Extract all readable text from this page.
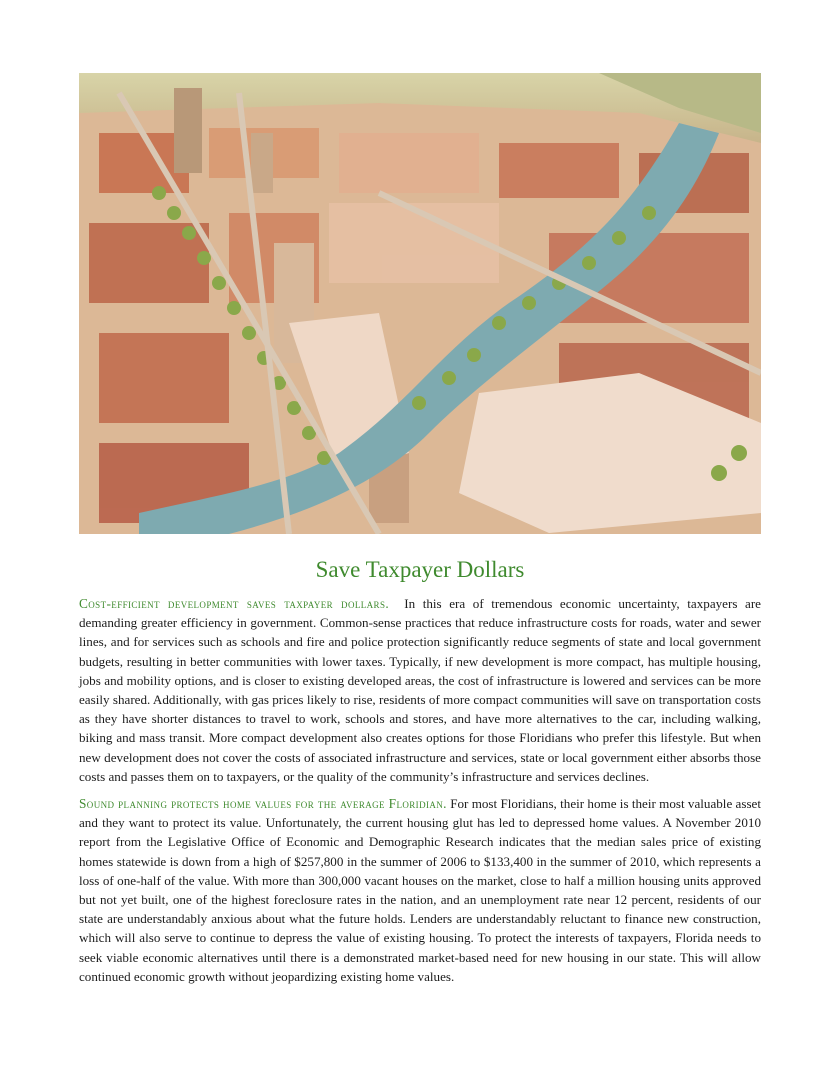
Save Taxpayer Dollars

Cost-efficient development saves taxpayer dollars. In this era of tremendous economic uncertainty, taxpayers are demanding greater efficiency in government. Common-sense practices that reduce infrastructure costs for roads, water and sewer lines, and for services such as schools and fire and police protection significantly reduce segments of state and local government budgets, resulting in better communities with lower taxes. Typically, if new development is more compact, has multiple housing, jobs and mobility options, and is closer to existing developed areas, the cost of infrastructure is lowered and services can be more easily shared. Additionally, with gas prices likely to rise, residents of more compact communities will save on transportation costs as they have shorter distances to travel to work, schools and stores, and have more alternatives to the car, including walking, biking and mass transit. More compact development also creates options for those Floridians who prefer this lifestyle. But when new development does not cover the costs of associated infrastructure and services, state or local government either absorbs those costs and passes them on to taxpayers, or the quality of the community’s infrastructure and services declines.

Sound planning protects home values for the average Floridian. For most Floridians, their home is their most valuable asset and they want to protect its value. Unfortunately, the current housing glut has led to depressed home values. A November 2010 report from the Legislative Office of Economic and Demographic Research indicates that the median sales price of existing homes statewide is down from a high of $257,800 in the summer of 2006 to $133,400 in the summer of 2010, which represents a loss of one-half of the value. With more than 300,000 vacant houses on the market, close to half a million housing units approved but not yet built, one of the highest foreclosure rates in the nation, and an unemployment rate near 12 percent, residents of our state are understandably anxious about what the future holds. Lenders are understandably reluctant to finance new construction, which will also serve to continue to depress the value of existing housing. To protect the interests of taxpayers, Florida needs to seek viable economic alternatives until there is a demonstrated market-based need for new housing in our state. This will allow continued economic growth without jeopardizing existing home values.
